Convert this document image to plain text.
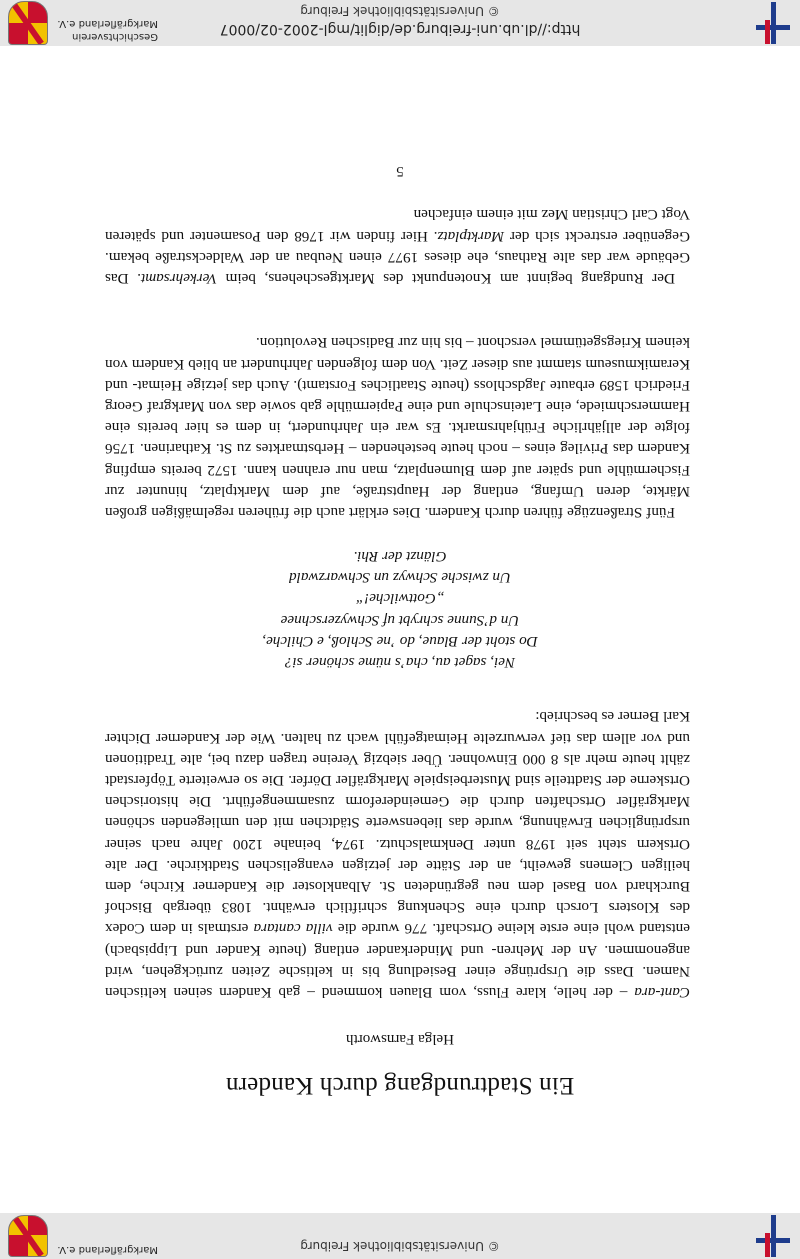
© Universitätsbibliothek Freiburg
Markgräflerland e.V.
Ein Stadtrundgang durch Kandern
Helga Farnsworth

Cant-ara – der helle, klare Fluss, vom Blauen kommend – gab Kandern seinen keltischen Namen. Dass die Ursprünge einer Besiedlung bis in keltische Zeiten zurückgehen, wird angenommen. An der Mehren- und Minderkander entlang (heute Kander und Lippisbach) entstand wohl eine erste kleine Ortschaft. 776 wurde die villa cantara erstmals in dem Codex des Klosters Lorsch durch eine Schenkung schriftlich erwähnt. 1083 übergab Bischof Burckhard von Basel dem neu gegründeten St. Albankloster die Kanderner Kirche, dem heiligen Clemens geweiht, an der Stätte der jetzigen evangelischen Stadtkirche. Der alte Ortskern steht seit 1978 unter Denkmalschutz. 1974, beinahe 1200 Jahre nach seiner ursprünglichen Erwähnung, wurde das liebenswerte Städtchen mit den umliegenden schönen Markgräfler Ortschaften durch die Gemeindereform zusammengeführt. Die historischen Ortskerne der Stadtteile sind Musterbeispiele Markgräfler Dörfer. Die so erweiterte Töpferstadt zählt heute mehr als 8 000 Einwohner. Über siebzig Vereine tragen dazu bei, alte Traditionen und vor allem das tief verwurzelte Heimatgefühl wach zu halten. Wie der Kanderner Dichter Karl Berner es beschrieb:

Nei, saget au, chaʼs nüme schöner si?
Do stoht der Blaue, do ʼne Schloß, e Chilche,
Un dʼSunne schrybt uf Schwyzerschnee
„Gottwilche!“
Un zwische Schwyz un Schwarzwald
Glänzt der Rhi.

Fünf Straßenzüge führen durch Kandern. Dies erklärt auch die früheren regelmäßigen großen Märkte, deren Umfang, entlang der Hauptstraße, auf dem Marktplatz, hinunter zur Fischermühle und später auf dem Blumenplatz, man nur erahnen kann. 1572 bereits empfing Kandern das Privileg eines – noch heute bestehenden – Herbstmarktes zu St. Katharinen. 1756 folgte der alljährliche Frühjahrsmarkt. Es war ein Jahrhundert, in dem es hier bereits eine Hammerschmiede, eine Lateinschule und eine Papiermühle gab sowie das von Markgraf Georg Friedrich 1589 erbaute Jagdschloss (heute Staatliches Forstamt). Auch das jetzige Heimat- und Keramikmuseum stammt aus dieser Zeit. Von dem folgenden Jahrhundert an blieb Kandern von keinem Kriegsgetümmel verschont – bis hin zur Badischen Revolution.

Der Rundgang beginnt am Knotenpunkt des Marktgeschehens, beim Verkehrsamt. Das Gebäude war das alte Rathaus, ehe dieses 1977 einen Neubau an der Waldeckstraße bekam. Gegenüber erstreckt sich der Marktplatz. Hier finden wir 1768 den Posamenter und späteren Vogt Carl Christian Mez mit einem einfachen

5
http://dl.ub.uni-freiburg.de/diglit/mgl-2002-02/0007
© Universitätsbibliothek Freiburg
Geschichtsverein
Markgräflerland e.V.
